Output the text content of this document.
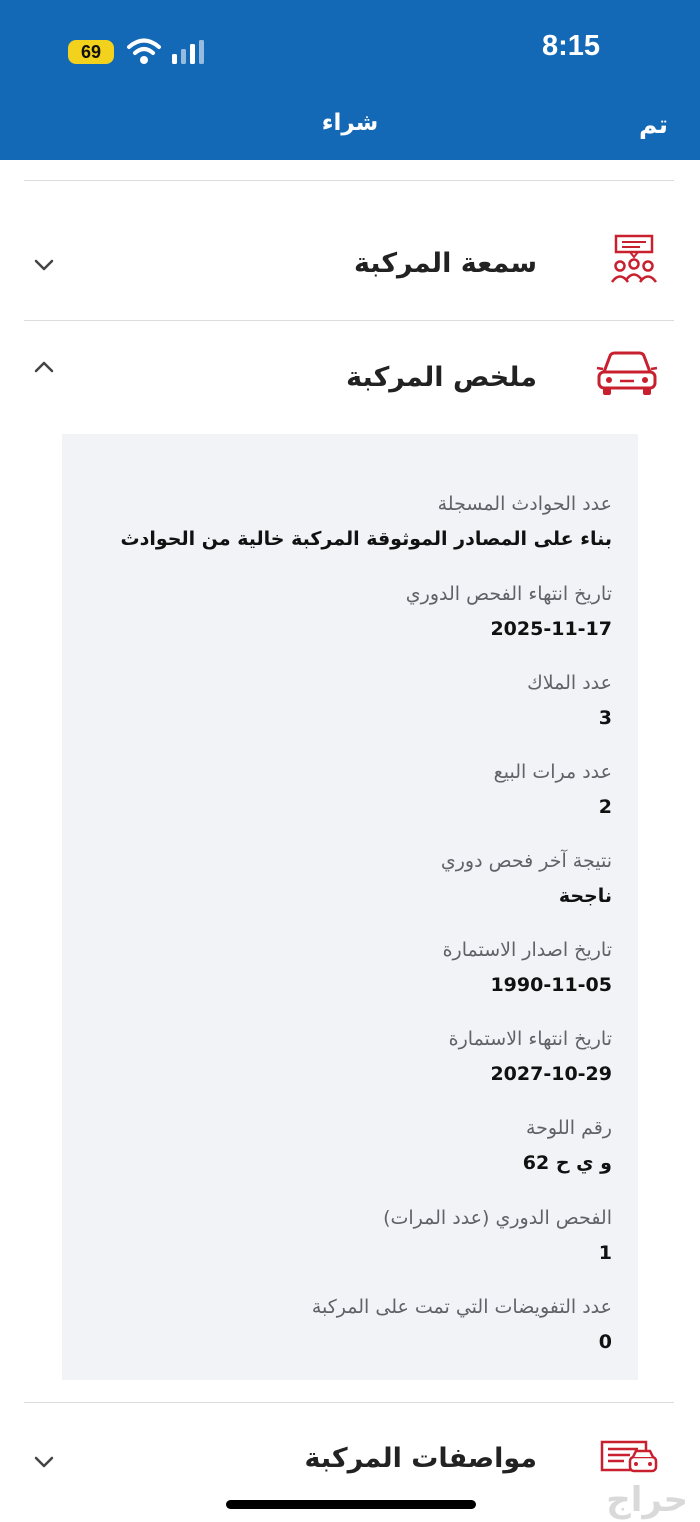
69	8:15
شراء	تم
سمعة المركبة
ملخص المركبة
عدد الحوادث المسجلة
بناء على المصادر الموثوقة المركبة خالية من الحوادث
تاريخ انتهاء الفحص الدوري
2025-11-17
عدد الملاك
3
عدد مرات البيع
2
نتيجة آخر فحص دوري
ناجحة
تاريخ اصدار الاستمارة
1990-11-05
تاريخ انتهاء الاستمارة
2027-10-29
رقم اللوحة
و ي ح 62
الفحص الدوري (عدد المرات)
1
عدد التفويضات التي تمت على المركبة
0
مواصفات المركبة
حراج
